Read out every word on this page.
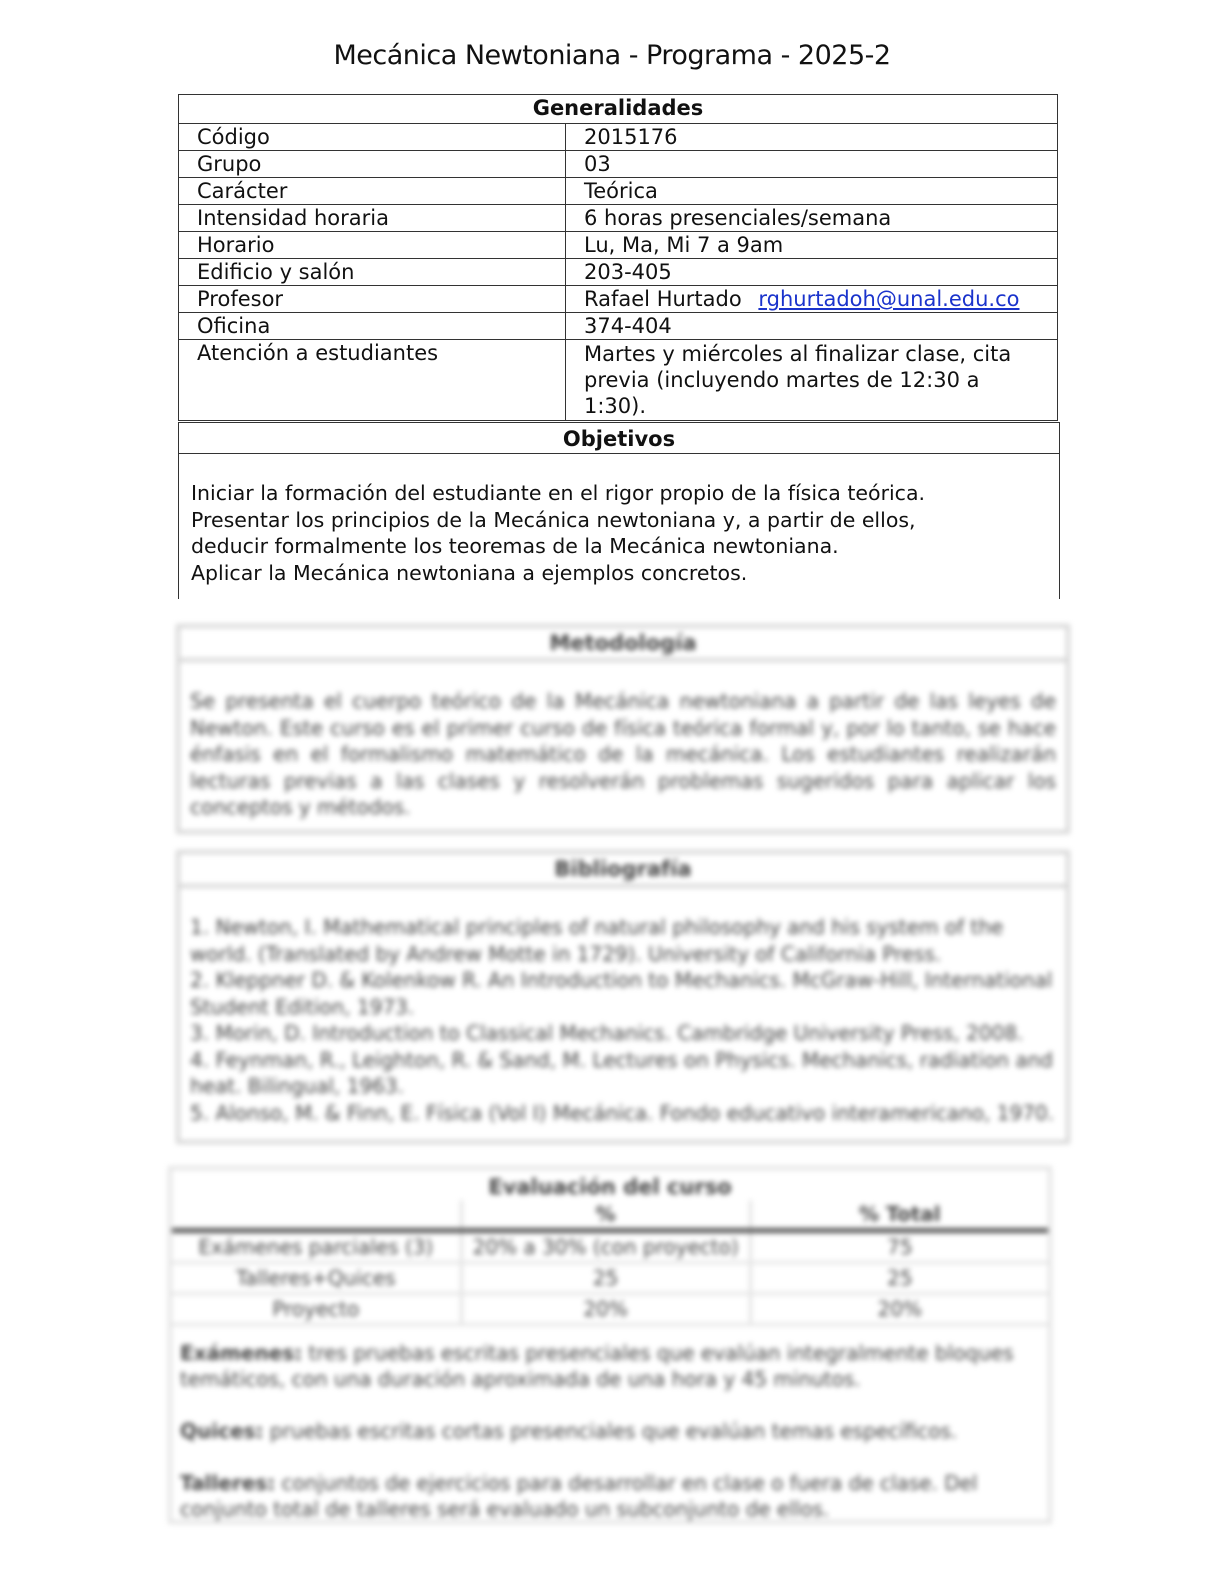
Mecánica Newtoniana - Programa - 2025-2
Generalidades	
Código	2015176
Grupo	03
Carácter	Teórica
Intensidad horaria	6 horas presenciales/semana
Horario	Lu, Ma, Mi 7 a 9am
Edificio y salón	203-405
Profesor	Rafael Hurtado rghurtadoh@unal.edu.co
Oficina	374-404
Atención a estudiantes	Martes y miércoles al finalizar clase, cita previa (incluyendo martes de 12:30 a 1:30).
Objetivos
Iniciar la formación del estudiante en el rigor propio de la física teórica.
Presentar los principios de la Mecánica newtoniana y, a partir de ellos, deducir formalmente los teoremas de la Mecánica newtoniana.
Aplicar la Mecánica newtoniana a ejemplos concretos.
Metodología
Se presenta el cuerpo teórico de la Mecánica newtoniana a partir de las leyes de Newton. Este curso es el primer curso de física teórica formal y, por lo tanto, se hace énfasis en el formalismo matemático de la mecánica. Los estudiantes realizarán lecturas previas a las clases y resolverán problemas sugeridos para aplicar los conceptos y métodos.
Bibliografía
1. Newton, I. Mathematical principles of natural philosophy and his system of the world. (Translated by Andrew Motte in 1729). University of California Press.
2. Kleppner D. & Kolenkow R. An Introduction to Mechanics. McGraw-Hill, International Student Edition, 1973.
3. Morin, D. Introduction to Classical Mechanics. Cambridge University Press, 2008.
4. Feynman, R., Leighton, R. & Sand, M. Lectures on Physics. Mechanics, radiation and heat. Bilingual, 1963.
5. Alonso, M. & Finn, E. Física (Vol I) Mecánica. Fondo educativo interamericano, 1970.
Evaluación del curso
	%	% Total
Exámenes parciales (3)	20% a 30% (con proyecto)	75
Talleres+Quices	25	25
Proyecto	20%	20%

Exámenes: tres pruebas escritas presenciales que evalúan integralmente bloques temáticos, con una duración aproximada de una hora y 45 minutos.

Quices: pruebas escritas cortas presenciales que evalúan temas específicos.

Talleres: conjuntos de ejercicios para desarrollar en clase o fuera de clase. Del conjunto total de talleres será evaluado un subconjunto de ellos.
